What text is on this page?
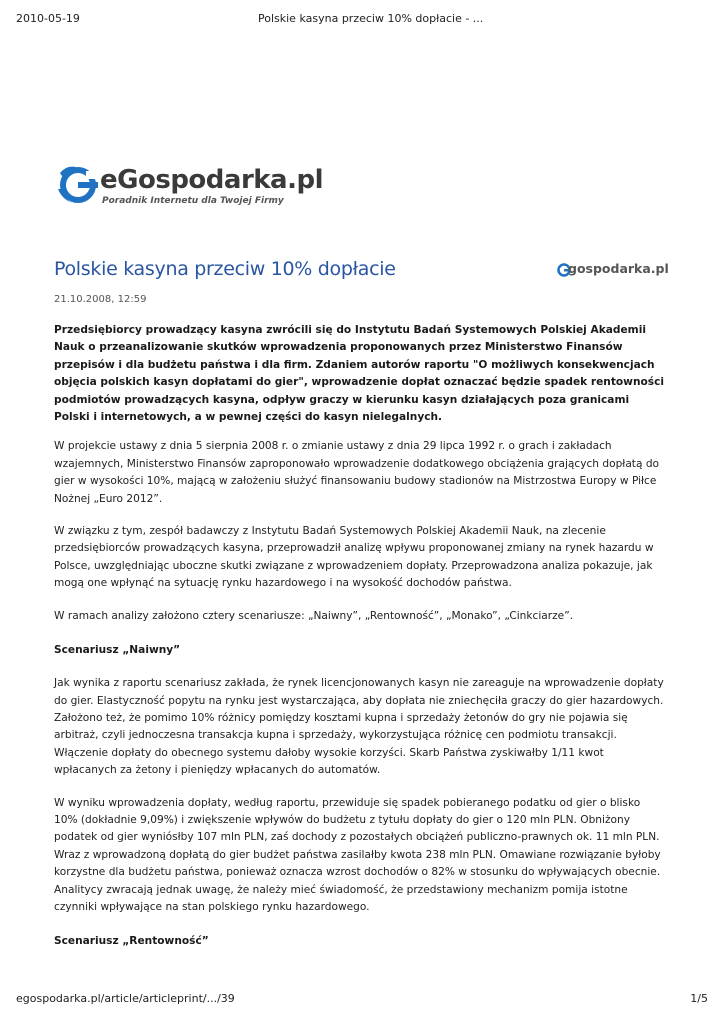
2010-05-19	Polskie kasyna przeciw 10% dopłacie - ...
eGospodarka.pl
Poradnik Internetu dla Twojej Firmy
gospodarka.pl
Polskie kasyna przeciw 10% dopłacie
21.10.2008, 12:59
Przedsiębiorcy prowadzący kasyna zwrócili się do Instytutu Badań Systemowych Polskiej Akademii Nauk o przeanalizowanie skutków wprowadzenia proponowanych przez Ministerstwo Finansów przepisów i dla budżetu państwa i dla firm. Zdaniem autorów raportu "O możliwych konsekwencjach objęcia polskich kasyn dopłatami do gier", wprowadzenie dopłat oznaczać będzie spadek rentowności podmiotów prowadzących kasyna, odpływ graczy w kierunku kasyn działających poza granicami Polski i internetowych, a w pewnej części do kasyn nielegalnych.
W projekcie ustawy z dnia 5 sierpnia 2008 r. o zmianie ustawy z dnia 29 lipca 1992 r. o grach i zakładach wzajemnych, Ministerstwo Finansów zaproponowało wprowadzenie dodatkowego obciążenia grających dopłatą do gier w wysokości 10%, mającą w założeniu służyć finansowaniu budowy stadionów na Mistrzostwa Europy w Piłce Nożnej „Euro 2012”.
W związku z tym, zespół badawczy z Instytutu Badań Systemowych Polskiej Akademii Nauk, na zlecenie przedsiębiorców prowadzących kasyna, przeprowadził analizę wpływu proponowanej zmiany na rynek hazardu w Polsce, uwzględniając uboczne skutki związane z wprowadzeniem dopłaty. Przeprowadzona analiza pokazuje, jak mogą one wpłynąć na sytuację rynku hazardowego i na wysokość dochodów państwa.
W ramach analizy założono cztery scenariusze: „Naiwny”, „Rentowność”, „Monako”, „Cinkciarze”.
Scenariusz „Naiwny”
Jak wynika z raportu scenariusz zakłada, że rynek licencjonowanych kasyn nie zareaguje na wprowadzenie dopłaty do gier. Elastyczność popytu na rynku jest wystarczająca, aby dopłata nie zniechęciła graczy do gier hazardowych. Założono też, że pomimo 10% różnicy pomiędzy kosztami kupna i sprzedaży żetonów do gry nie pojawia się arbitraż, czyli jednoczesna transakcja kupna i sprzedaży, wykorzystująca różnicę cen podmiotu transakcji. Włączenie dopłaty do obecnego systemu dałoby wysokie korzyści. Skarb Państwa zyskiwałby 1/11 kwot wpłacanych za żetony i pieniędzy wpłacanych do automatów.
W wyniku wprowadzenia dopłaty, według raportu, przewiduje się spadek pobieranego podatku od gier o blisko 10% (dokładnie 9,09%) i zwiększenie wpływów do budżetu z tytułu dopłaty do gier o 120 mln PLN. Obniżony podatek od gier wyniósłby 107 mln PLN, zaś dochody z pozostałych obciążeń publiczno-prawnych ok. 11 mln PLN. Wraz z wprowadzoną dopłatą do gier budżet państwa zasilałby kwota 238 mln PLN. Omawiane rozwiązanie byłoby korzystne dla budżetu państwa, ponieważ oznacza wzrost dochodów o 82% w stosunku do wpływających obecnie. Analitycy zwracają jednak uwagę, że należy mieć świadomość, że przedstawiony mechanizm pomija istotne czynniki wpływające na stan polskiego rynku hazardowego.
Scenariusz „Rentowność”
egospodarka.pl/article/articleprint/.../39	1/5
